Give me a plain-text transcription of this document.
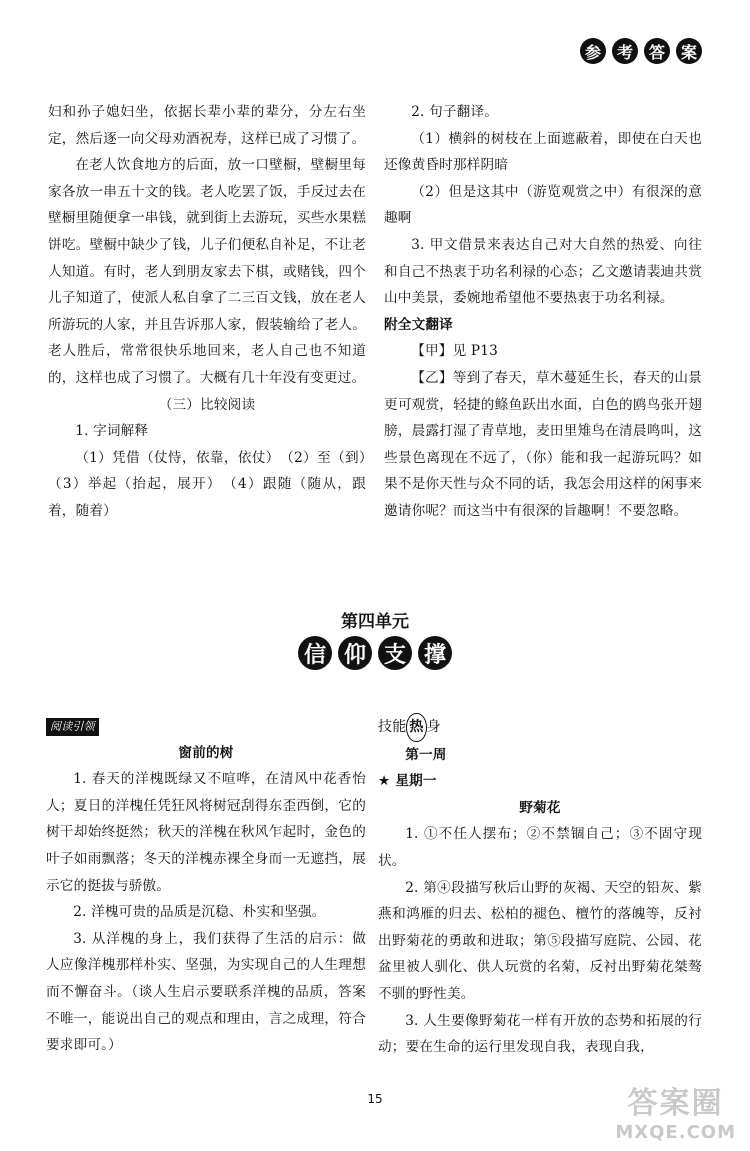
参 考 答 案

妇和孙子媳妇坐，依据长辈小辈的辈分，分左右坐定，然后逐一向父母劝酒祝寿，这样已成了习惯了。

在老人饮食地方的后面，放一口壁橱，壁橱里每家各放一串五十文的钱。老人吃罢了饭，手反过去在壁橱里随便拿一串钱，就到街上去游玩，买些水果糕饼吃。壁橱中缺少了钱，儿子们便私自补足，不让老人知道。有时，老人到朋友家去下棋，或赌钱，四个儿子知道了，使派人私自拿了二三百文钱，放在老人所游玩的人家，并且告诉那人家，假装输给了老人。老人胜后，常常很快乐地回来，老人自己也不知道的，这样也成了习惯了。大概有几十年没有变更过。

（三）比较阅读

1. 字词解释

（1）凭借（仗恃，依靠，依仗）　（2）至（到）　（3）举起（抬起，展开）　（4）跟随（随从，跟着，随着）

2. 句子翻译。

（1）横斜的树枝在上面遮蔽着，即使在白天也还像黄昏时那样阴暗

（2）但是这其中（游览观赏之中）有很深的意趣啊

3. 甲文借景来表达自己对大自然的热爱、向往和自己不热衷于功名利禄的心态；乙文邀请裴迪共赏山中美景，委婉地希望他不要热衷于功名利禄。

附全文翻译

【甲】见 P13

【乙】等到了春天，草木蔓延生长，春天的山景更可观赏，轻捷的鲦鱼跃出水面，白色的鸥鸟张开翅膀，晨露打湿了青草地，麦田里雉鸟在清晨鸣叫，这些景色离现在不远了，（你）能和我一起游玩吗？如果不是你天性与众不同的话，我怎会用这样的闲事来邀请你呢？而这当中有很深的旨趣啊！不要忽略。

第四单元
信 仰 支 撑

阅读引领

窗前的树

1. 春天的洋槐既绿又不喧哗，在清风中花香怡人；夏日的洋槐任凭狂风将树冠刮得东歪西倒，它的树干却始终挺然；秋天的洋槐在秋风乍起时，金色的叶子如雨飘落；冬天的洋槐赤裸全身而一无遮挡，展示它的挺拔与骄傲。

2. 洋槐可贵的品质是沉稳、朴实和坚强。

3. 从洋槐的身上，我们获得了生活的启示：做人应像洋槐那样朴实、坚强，为实现自己的人生理想而不懈奋斗。（谈人生启示要联系洋槐的品质，答案不唯一，能说出自己的观点和理由，言之成理，符合要求即可。）

技能 热 身

第一周

★ 星期一

野菊花

1. ①不任人摆布；②不禁锢自己；③不固守现状。

2. 第④段描写秋后山野的灰褐、天空的铅灰、紫燕和鸿雁的归去、松柏的褪色、檀竹的落魄等，反衬出野菊花的勇敢和进取；第⑤段描写庭院、公园、花盆里被人驯化、供人玩赏的名菊，反衬出野菊花桀骜不驯的野性美。

3. 人生要像野菊花一样有开放的态势和拓展的行动；要在生命的运行里发现自我，表现自我，

15	答案圈
MXQE.COM
